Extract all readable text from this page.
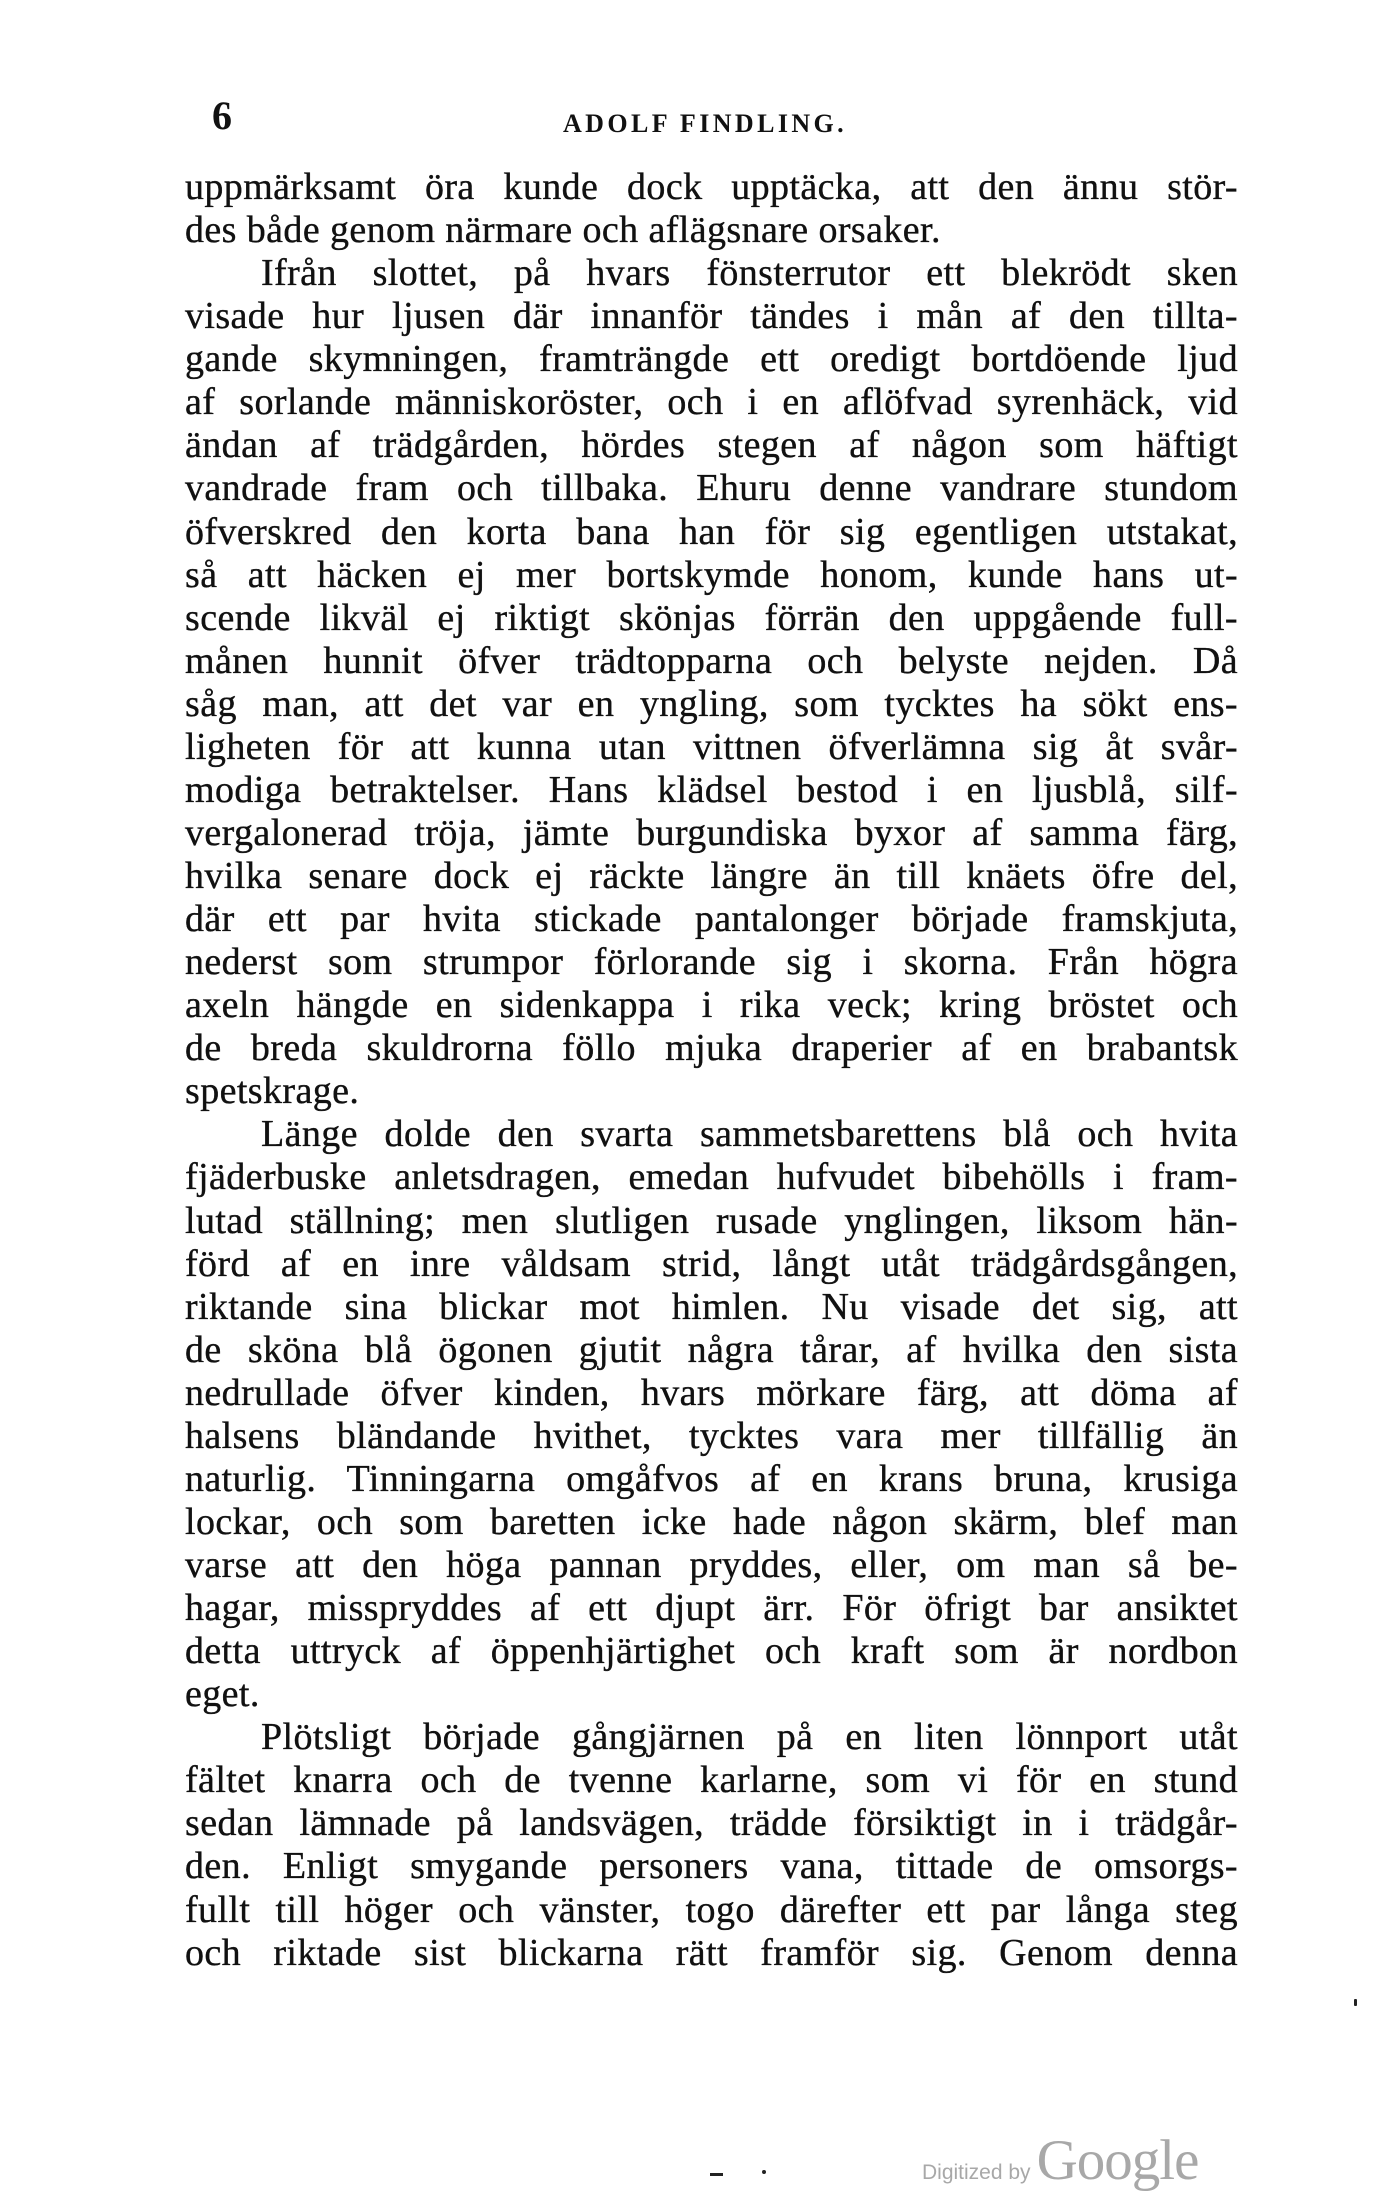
6	ADOLF FINDLING.
uppmärksamt öra kunde dock upptäcka, att den ännu stör-
des både genom närmare och aflägsnare orsaker.
Ifrån slottet, på hvars fönsterrutor ett blekrödt sken
visade hur ljusen där innanför tändes i mån af den tillta-
gande skymningen, framträngde ett oredigt bortdöende ljud
af sorlande människoröster, och i en aflöfvad syrenhäck, vid
ändan af trädgården, hördes stegen af någon som häftigt
vandrade fram och tillbaka. Ehuru denne vandrare stundom
öfverskred den korta bana han för sig egentligen utstakat,
så att häcken ej mer bortskymde honom, kunde hans ut-
scende likväl ej riktigt skönjas förrän den uppgående full-
månen hunnit öfver trädtopparna och belyste nejden. Då
såg man, att det var en yngling, som tycktes ha sökt ens-
ligheten för att kunna utan vittnen öfverlämna sig åt svår-
modiga betraktelser. Hans klädsel bestod i en ljusblå, silf-
vergalonerad tröja, jämte burgundiska byxor af samma färg,
hvilka senare dock ej räckte längre än till knäets öfre del,
där ett par hvita stickade pantalonger började framskjuta,
nederst som strumpor förlorande sig i skorna. Från högra
axeln hängde en sidenkappa i rika veck; kring bröstet och
de breda skuldrorna föllo mjuka draperier af en brabantsk
spetskrage.
Länge dolde den svarta sammetsbarettens blå och hvita
fjäderbuske anletsdragen, emedan hufvudet bibehölls i fram-
lutad ställning; men slutligen rusade ynglingen, liksom hän-
förd af en inre våldsam strid, långt utåt trädgårdsgången,
riktande sina blickar mot himlen. Nu visade det sig, att
de sköna blå ögonen gjutit några tårar, af hvilka den sista
nedrullade öfver kinden, hvars mörkare färg, att döma af
halsens bländande hvithet, tycktes vara mer tillfällig än
naturlig. Tinningarna omgåfvos af en krans bruna, krusiga
lockar, och som baretten icke hade någon skärm, blef man
varse att den höga pannan pryddes, eller, om man så be-
hagar, misspryddes af ett djupt ärr. För öfrigt bar ansiktet
detta uttryck af öppenhjärtighet och kraft som är nordbon
eget.
Plötsligt började gångjärnen på en liten lönnport utåt
fältet knarra och de tvenne karlarne, som vi för en stund
sedan lämnade på landsvägen, trädde försiktigt in i trädgår-
den. Enligt smygande personers vana, tittade de omsorgs-
fullt till höger och vänster, togo därefter ett par långa steg
och riktade sist blickarna rätt framför sig. Genom denna
Digitized by Google
